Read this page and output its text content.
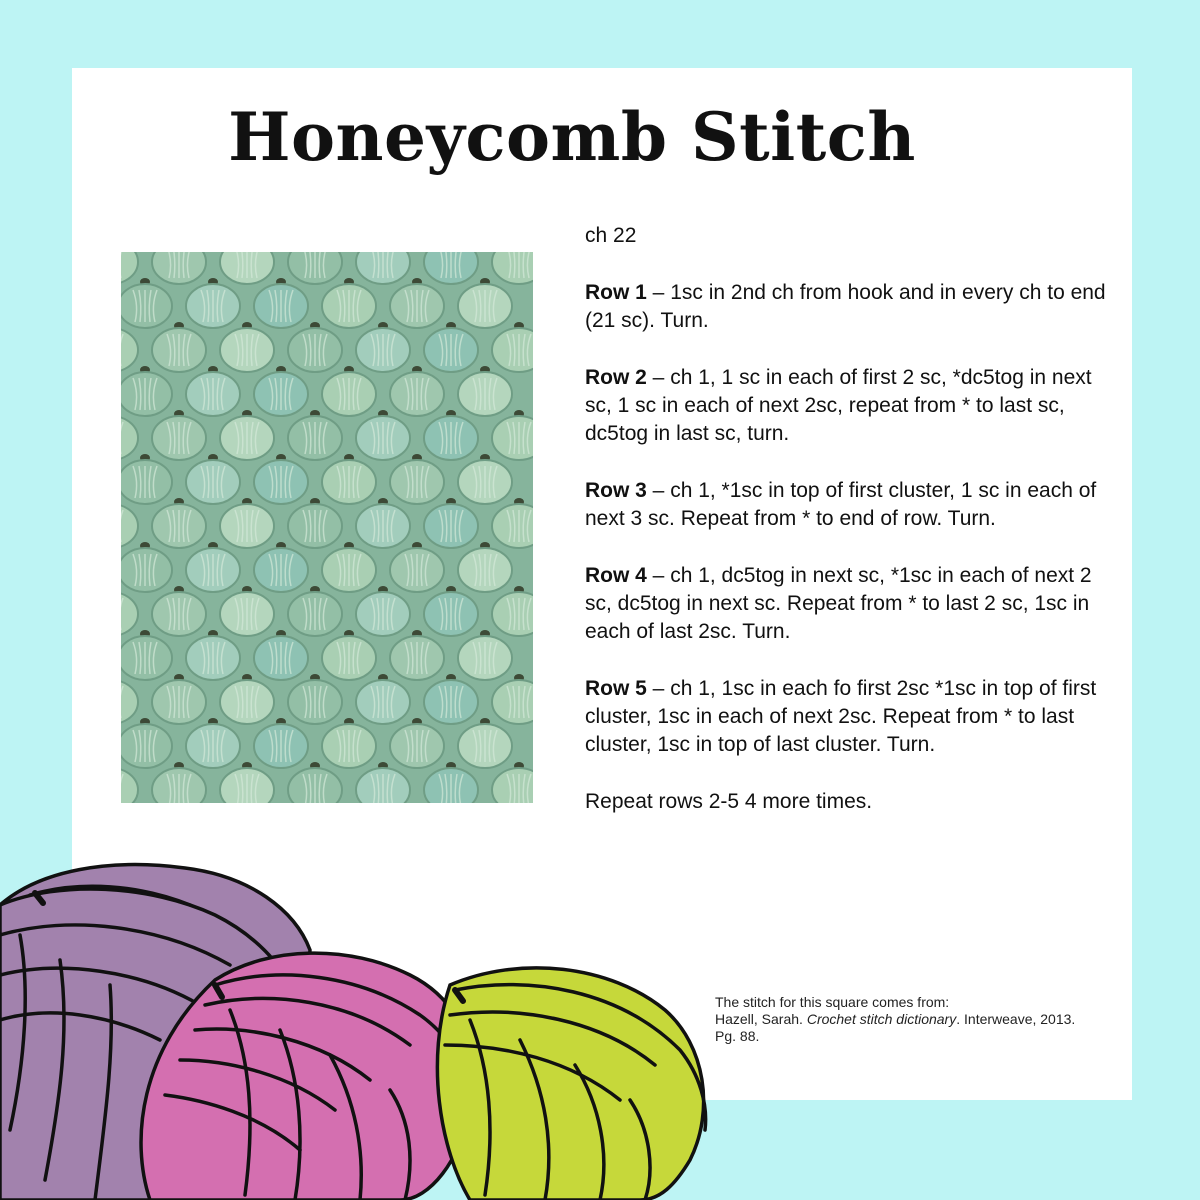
Honeycomb Stitch

ch 22

Row 1 – 1sc in 2nd ch from hook and in every ch to end (21 sc). Turn.

Row 2 – ch 1, 1 sc in each of first 2 sc, *dc5tog in next sc, 1 sc in each of next 2sc, repeat from * to last sc, dc5tog in last sc, turn.

Row 3 – ch 1, *1sc in top of first cluster, 1 sc in each of next 3 sc. Repeat from * to end of row. Turn.

Row 4 – ch 1, dc5tog in next sc, *1sc in each of next 2 sc, dc5tog in next sc. Repeat from * to last 2 sc, 1sc in each of last 2sc. Turn.

Row 5 – ch 1, 1sc in each fo first 2sc *1sc in top of first cluster, 1sc in each of next 2sc. Repeat from * to last cluster, 1sc in top of last cluster. Turn.

Repeat rows 2-5 4 more times.

The stitch for this square comes from:
Hazell, Sarah. Crochet stitch dictionary. Interweave, 2013. Pg. 88.
